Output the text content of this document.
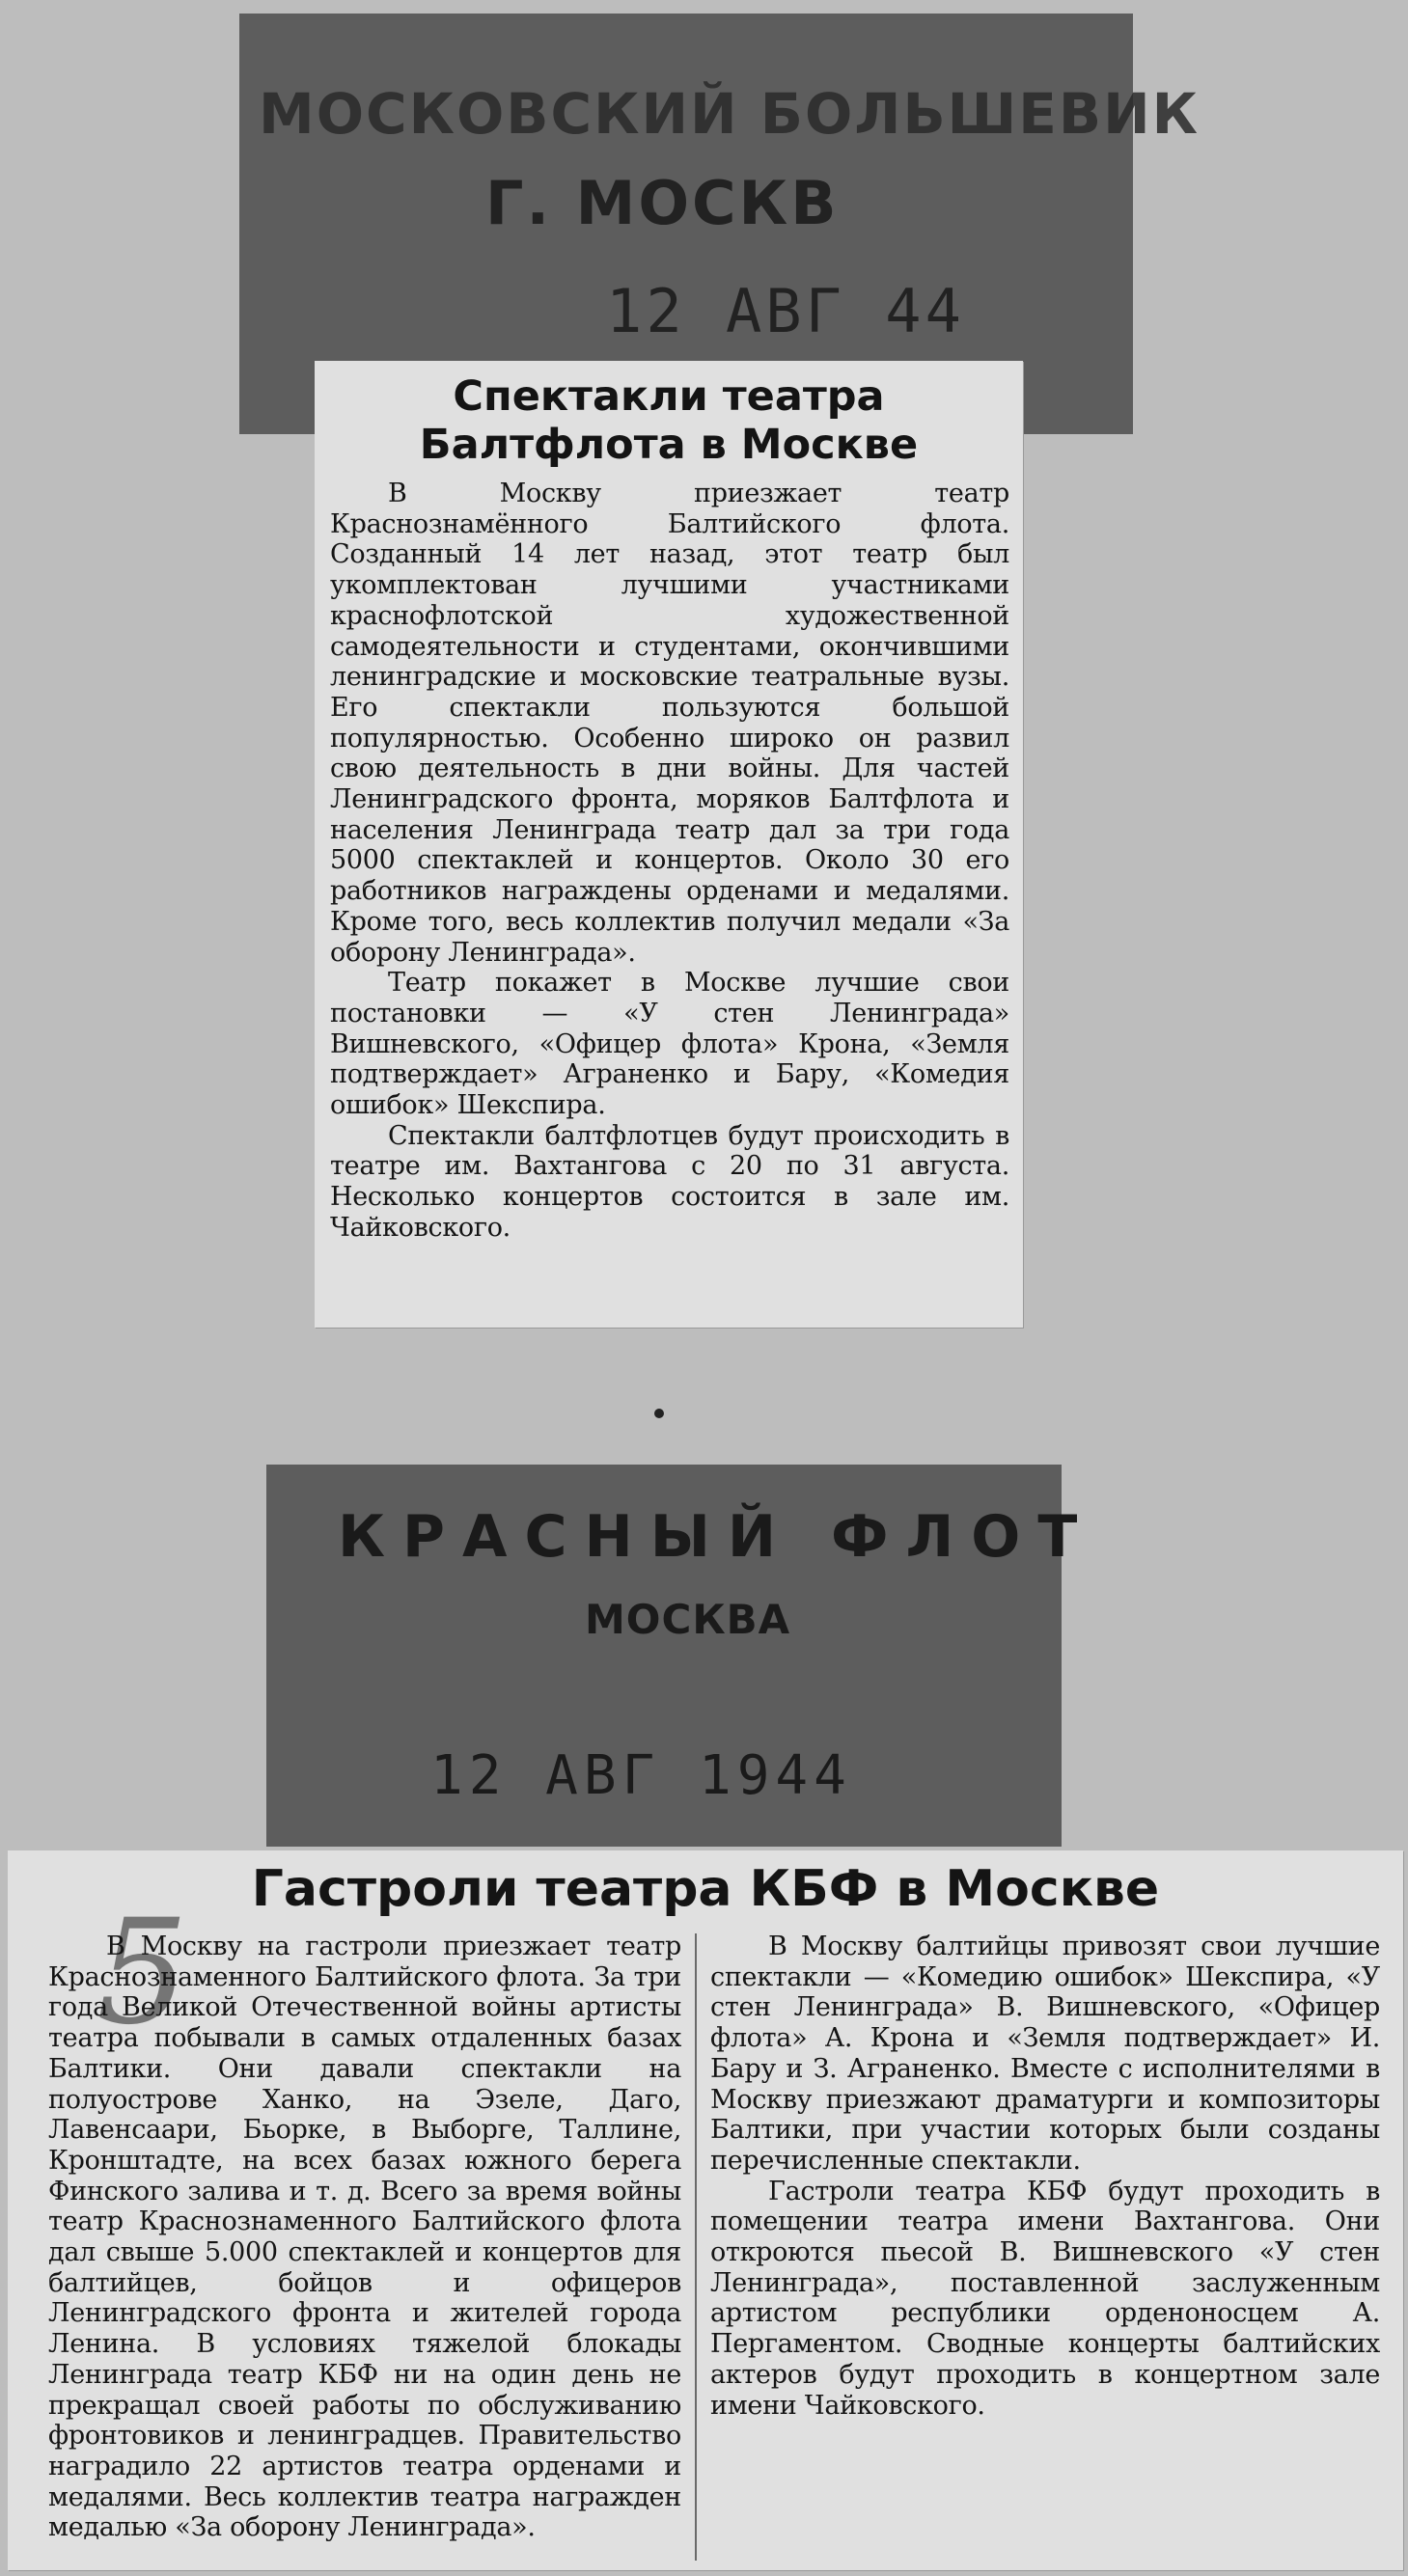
МОСКОВСКИЙ БОЛЬШЕВИК
Г. МОСКВ
12 АВГ 44
Спектакли театра
Балтфлота в Москве

В Москву приезжает театр Краснознамённого Балтийского флота. Созданный 14 лет назад, этот театр был укомплектован лучшими участниками краснофлотской художественной самодеятельности и студентами, окончившими ленинградские и московские театральные вузы. Его спектакли пользуются большой популярностью. Особенно широко он развил свою деятельность в дни войны. Для частей Ленинградского фронта, моряков Балтфлота и населения Ленинграда театр дал за три года 5000 спектаклей и концертов. Около 30 его работников награждены орденами и медалями. Кроме того, весь коллектив получил медали «За оборону Ленинграда».

Театр покажет в Москве лучшие свои постановки — «У стен Ленинграда» Вишневского, «Офицер флота» Крона, «Земля подтверждает» Аграненко и Бару, «Комедия ошибок» Шекспира.

Спектакли балтфлотцев будут происходить в театре им. Вахтангова с 20 по 31 августа. Несколько концертов состоится в зале им. Чайковского.

КРАСНЫЙ ФЛОТ
МОСКВА
12 АВГ 1944
Гастроли театра КБФ в Москве
5

В Москву на гастроли приезжает театр Краснознаменного Балтийского флота. За три года Великой Отечественной войны артисты театра побывали в самых отдаленных базах Балтики. Они давали спектакли на полуострове Ханко, на Эзеле, Даго, Лавенсаари, Бьорке, в Выборге, Таллине, Кронштадте, на всех базах южного берега Финского залива и т. д. Всего за время войны театр Краснознаменного Балтийского флота дал свыше 5.000 спектаклей и концертов для балтийцев, бойцов и офицеров Ленинградского фронта и жителей города Ленина. В условиях тяжелой блокады Ленинграда театр КБФ ни на один день не прекращал своей работы по обслуживанию фронтовиков и ленинградцев. Правительство наградило 22 артистов театра орденами и медалями. Весь коллектив театра награжден медалью «За оборону Ленинграда».

В Москву балтийцы привозят свои лучшие спектакли — «Комедию ошибок» Шекспира, «У стен Ленинграда» В. Вишневского, «Офицер флота» А. Крона и «Земля подтверждает» И. Бару и З. Аграненко. Вместе с исполнителями в Москву приезжают драматурги и композиторы Балтики, при участии которых были созданы перечисленные спектакли.

Гастроли театра КБФ будут проходить в помещении театра имени Вахтангова. Они откроются пьесой В. Вишневского «У стен Ленинграда», поставленной заслуженным артистом республики орденоносцем А. Пергаментом. Сводные концерты балтийских актеров будут проходить в концертном зале имени Чайковского.
